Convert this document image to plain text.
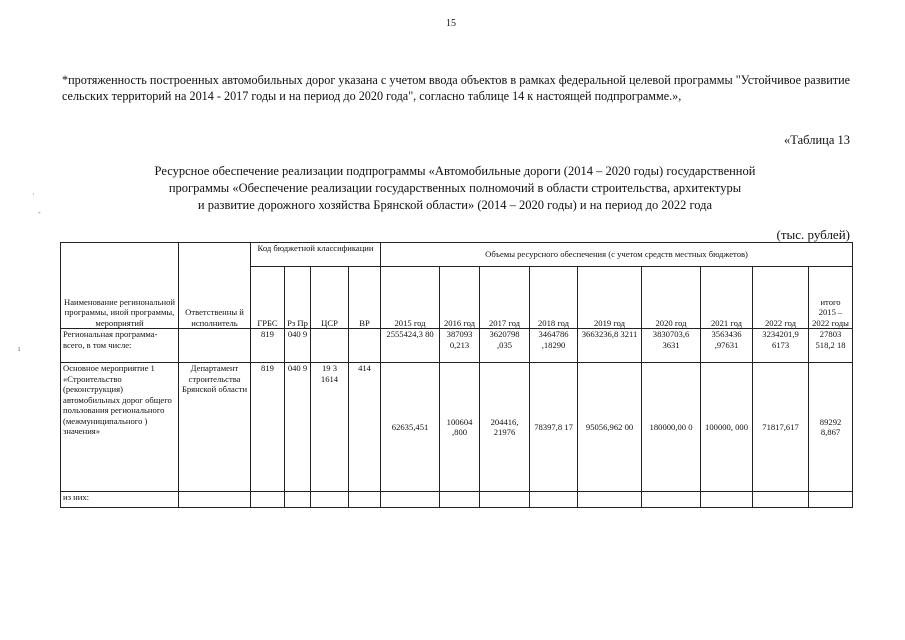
15
*протяженность построенных автомобильных дорог указана с учетом ввода объектов в рамках федеральной целевой программы "Устойчивое развитие сельских территорий на 2014 - 2017 годы и на период до 2020 года", согласно таблице 14 к настоящей подпрограмме.»,
«Таблица 13
Ресурсное обеспечение реализации подпрограммы «Автомобильные дороги (2014 – 2020 годы) государственной
программы «Обеспечение реализации государственных полномочий в области строительства, архитектуры
и развитие дорожного хозяйства Брянской области» (2014 – 2020 годы) и на период до 2022 года
(тыс. рублей)
·
-
ı
Наименование регинональной программы, иной программы, мероприятий	Ответственны й исполнитель	Код бюджетной классификации				Объемы ресурсного обеспечения (с учетом средств местных бюджетов)								
		ГРБС	Рз Пр	ЦСР	ВР	2015 год	2016 год	2017 год	2018 год	2019 год	2020 год	2021 год	2022 год	итого 2015 – 2022 годы
Региональная программа- всего, в том числе:		819	040 9			2555424,3 80	387093 0,213	3620798 ,035	3464786 ,18290	3663236,8 3211	3830703,6 3631	3563436 ,97631	3234201,9 6173	27803 518,2 18
Основное мероприятие 1 «Строительство (реконструкция) автомобильных дорог общего пользования регионального (межмуниципального ) значения»	Департамент строительства Брянской области	819	040 9	19 3 1614	414	62635,451	100604 ,800	204416, 21976	78397,8 17	95056,962 00	180000,00 0	100000, 000	71817,617	89292 8,867
из них:														
